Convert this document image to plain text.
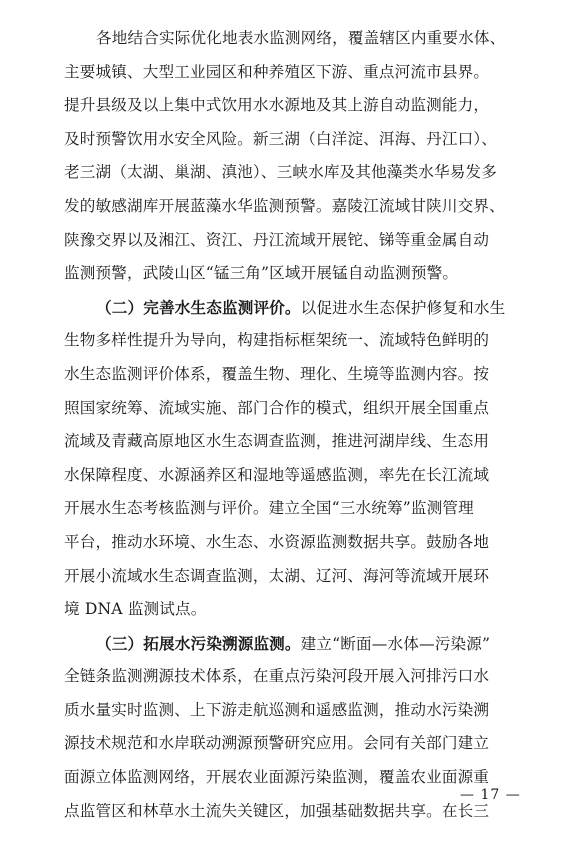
各地结合实际优化地表水监测网络，覆盖辖区内重要水体、
主要城镇、大型工业园区和种养殖区下游、重点河流市县界。
提升县级及以上集中式饮用水水源地及其上游自动监测能力，
及时预警饮用水安全风险。新三湖（白洋淀、洱海、丹江口）、
老三湖（太湖、巢湖、滇池）、三峡水库及其他藻类水华易发多
发的敏感湖库开展蓝藻水华监测预警。嘉陵江流域甘陕川交界、
陕豫交界以及湘江、资江、丹江流域开展铊、锑等重金属自动
监测预警，武陵山区“锰三角”区域开展锰自动监测预警。
（二）完善水生态监测评价。以促进水生态保护修复和水生
生物多样性提升为导向，构建指标框架统一、流域特色鲜明的
水生态监测评价体系，覆盖生物、理化、生境等监测内容。按
照国家统筹、流域实施、部门合作的模式，组织开展全国重点
流域及青藏高原地区水生态调查监测，推进河湖岸线、生态用
水保障程度、水源涵养区和湿地等遥感监测，率先在长江流域
开展水生态考核监测与评价。建立全国“三水统筹”监测管理
平台，推动水环境、水生态、水资源监测数据共享。鼓励各地
开展小流域水生态调查监测，太湖、辽河、海河等流域开展环
境 DNA 监测试点。
（三）拓展水污染溯源监测。建立“断面—水体—污染源”
全链条监测溯源技术体系，在重点污染河段开展入河排污口水
质水量实时监测、上下游走航巡测和遥感监测，推动水污染溯
源技术规范和水岸联动溯源预警研究应用。会同有关部门建立
面源立体监测网络，开展农业面源污染监测，覆盖农业面源重
点监管区和林草水土流失关键区，加强基础数据共享。在长三
— 17 —
